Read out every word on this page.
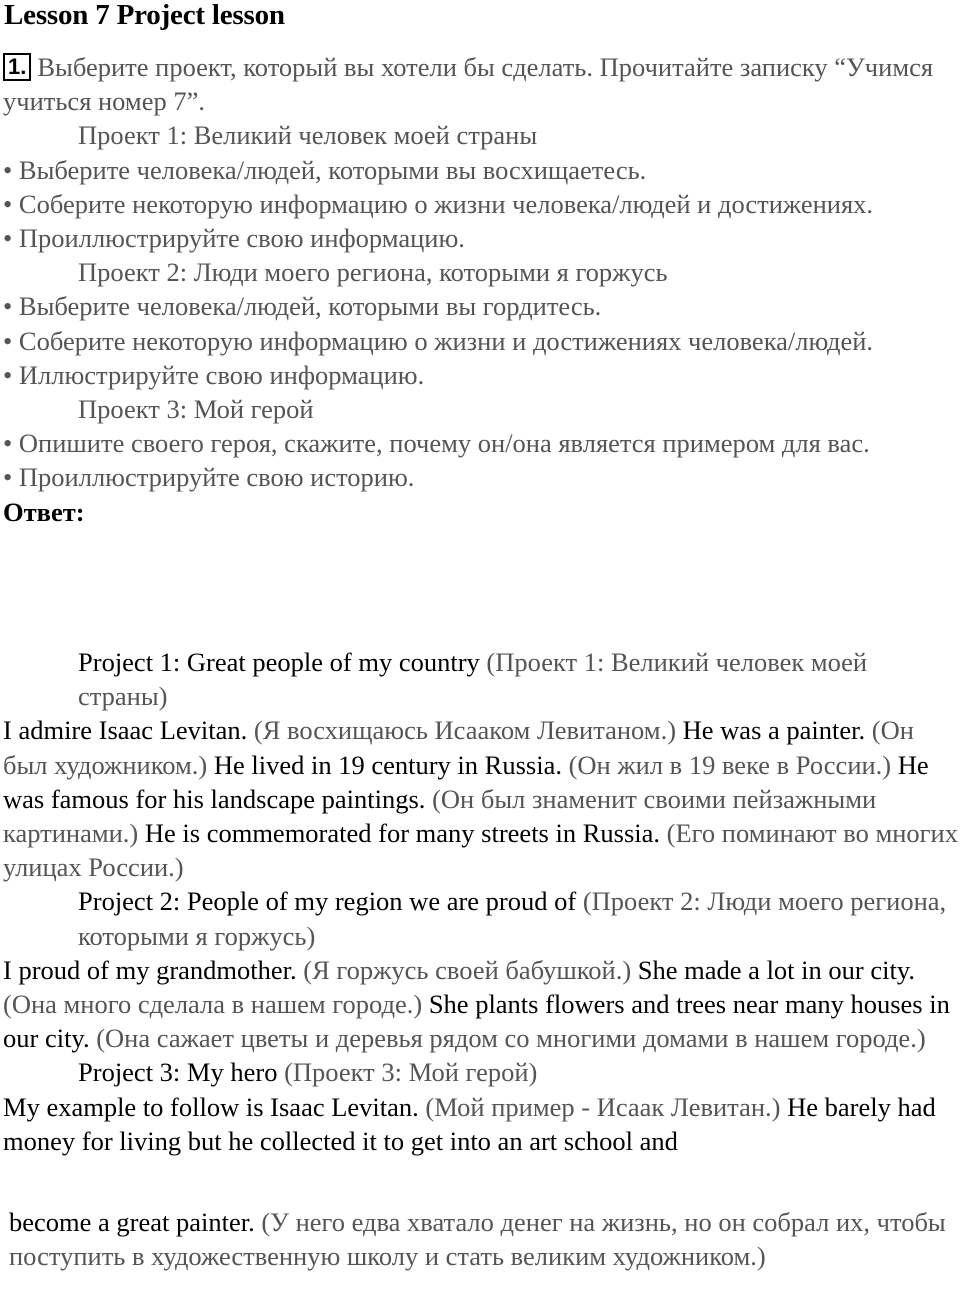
Lesson 7 Project lesson

1. Выберите проект, который вы хотели бы сделать. Прочитайте записку “Учимся учиться номер 7”.

Проект 1: Великий человек моей страны

• Выберите человека/людей, которыми вы восхищаетесь.

• Соберите некоторую информацию о жизни человека/людей и достижениях.

• Проиллюстрируйте свою информацию.

Проект 2: Люди моего региона, которыми я горжусь

• Выберите человека/людей, которыми вы гордитесь.

• Соберите некоторую информацию о жизни и достижениях человека/людей.

• Иллюстрируйте свою информацию.

Проект 3: Мой герой

• Опишите своего героя, скажите, почему он/она является примером для вас.

• Проиллюстрируйте свою историю.

Ответ:

Project 1: Great people of my country (Проект 1: Великий человек моей страны)

I admire Isaac Levitan. (Я восхищаюсь Исааком Левитаном.) He was a painter. (Он был художником.) He lived in 19 century in Russia. (Он жил в 19 веке в России.) He was famous for his landscape paintings. (Он был знаменит своими пейзажными картинами.) He is commemorated for many streets in Russia. (Его поминают во многих улицах России.)

Project 2: People of my region we are proud of (Проект 2: Люди моего региона, которыми я горжусь)

I proud of my grandmother. (Я горжусь своей бабушкой.) She made a lot in our city. (Она много сделала в нашем городе.) She plants flowers and trees near many houses in our city. (Она сажает цветы и деревья рядом со многими домами в нашем городе.)

Project 3: My hero (Проект 3: Мой герой)

My example to follow is Isaac Levitan. (Мой пример - Исаак Левитан.) He barely had money for living but he collected it to get into an art school and

become a great painter. (У него едва хватало денег на жизнь, но он собрал их, чтобы поступить в художественную школу и стать великим художником.)
